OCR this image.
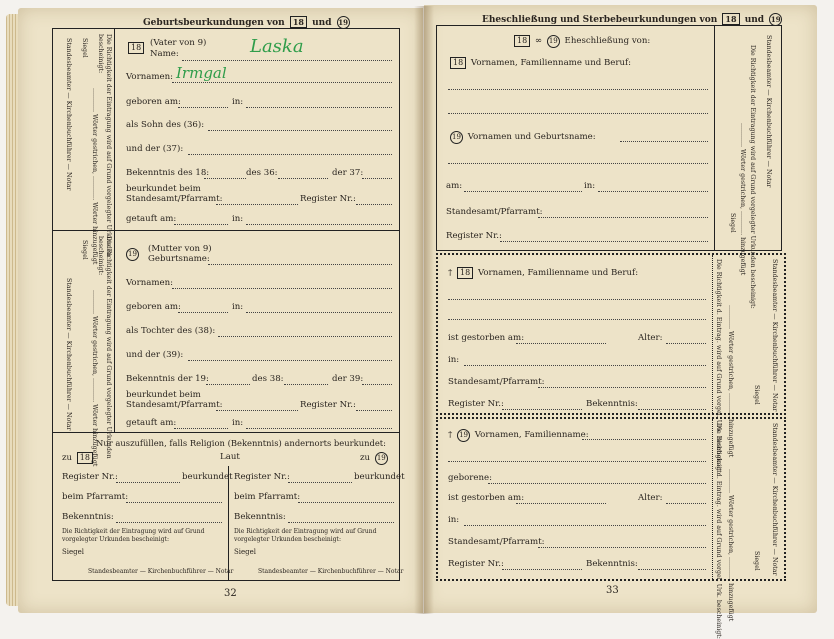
Geburtsbeurkundungen von 18 und 19
Siegel
Standesbeamter — Kirchenbuchführer — Notar	Die Richtigkeit der Eintragung wird auf Grund vorgelegter Urkunden
bescheinigt:
............ Wörter gestrichen, ............ Wörter hinzugefügt
Siegel
Standesbeamter — Kirchenbuchführer — Notar	Die Richtigkeit der Eintragung wird auf Grund vorgelegter Urkunden
bescheinigt:
............ Wörter gestrichen, ............ Wörter hinzugefügt
18	(Vater von 9)
Name:	Laska
Vornamen: Irmgal
geboren am:	in:
als Sohn des (36):
und der (37):
Bekenntnis des 18:	des 36:	der 37:
beurkundet beim
Standesamt/Pfarramt:	Register Nr.:
getauft am:	in:
19	(Mutter von 9)
Geburtsname:
Vornamen:
geboren am:	in:
als Tochter des (38):
und der (39):
Bekenntnis der 19:	des 38:	der 39:
beurkundet beim
Standesamt/Pfarramt:	Register Nr.:
getauft am:	in:
Nur auszufüllen, falls Religion (Bekenntnis) andernorts beurkundet:
zu 18	Laut	zu 19
Register Nr.:	beurkundet
beim Pfarramt:
Bekenntnis:
Die Richtigkeit der Eintragung wird auf Grund vorgelegter Urkunden bescheinigt:
Siegel
Standesbeamter — Kirchenbuchführer — Notar
Register Nr.:	beurkundet
beim Pfarramt:
Bekenntnis:
Die Richtigkeit der Eintragung wird auf Grund vorgelegter Urkunden bescheinigt:
Siegel
Standesbeamter — Kirchenbuchführer — Notar
32
Eheschließung und Sterbebeurkundungen von 18 und 19
18 ∞ 19 Eheschließung von:
18 Vornamen, Familienname und Beruf:
19 Vornamen und Geburtsname:
am:	in:
Standesamt/Pfarramt:
Register Nr.:	Die Richtigkeit der Eintragung wird auf Grund vorgelegter Urkunden bescheinigt:
............ Wörter gestrichen, ............ hinzugefügt
Siegel
Standesbeamter — Kirchenbuchführer — Notar
† 18 Vornamen, Familienname und Beruf:
ist gestorben am:	Alter:
in:
Standesamt/Pfarramt:
Register Nr.:	Bekenntnis:	Die Richtigkeit d. Eintrag. wird auf Grund vorgel. Urk. bescheinigt: ............ Wörter gestrichen, ............ hinzugefügt	Siegel Standesbeamter — Kirchenbuchführer — Notar
† 19 Vornamen, Familienname:
geborene:
ist gestorben am:	Alter:
in:
Standesamt/Pfarramt:
Register Nr.:	Bekenntnis:	Die Richtigkeit d. Eintrag. wird auf Grund vorgel. Urk. bescheinigt: ............ Wörter gestrichen, ............ hinzugefügt	Siegel Standesbeamter — Kirchenbuchführer — Notar
33
